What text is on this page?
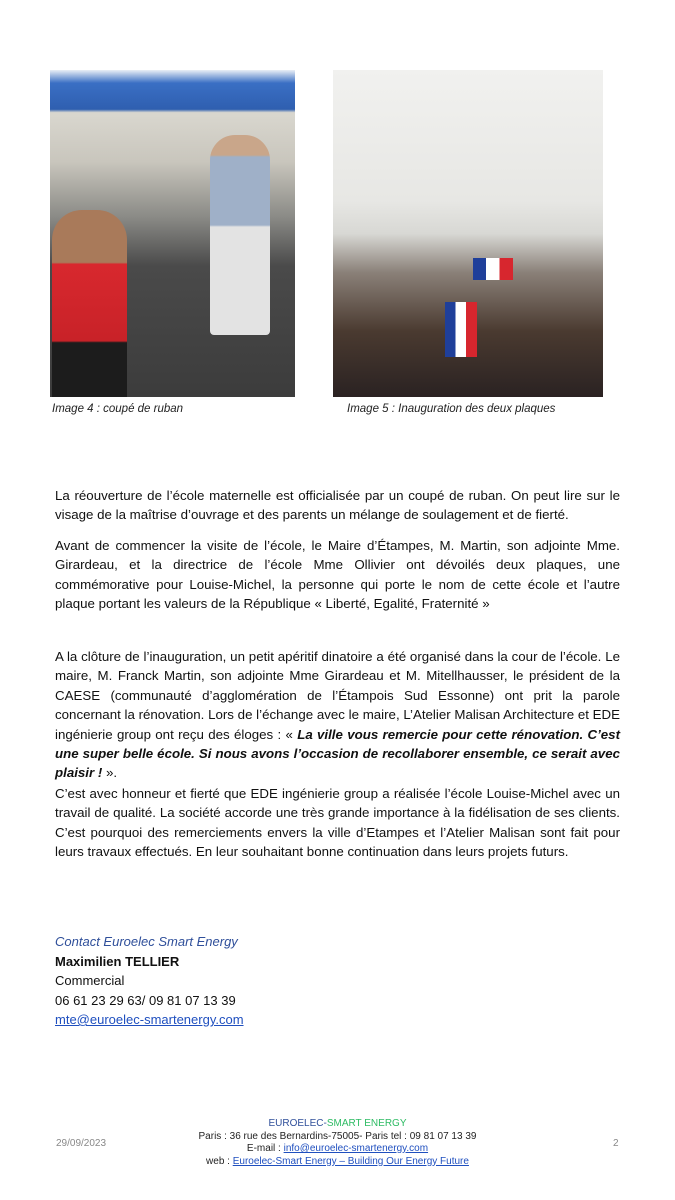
Image 4 : coupé de ruban	Image 5 : Inauguration des deux plaques
La réouverture de l’école maternelle est officialisée par un coupé de ruban. On peut lire sur le visage de la maîtrise d’ouvrage et des parents un mélange de soulagement et de fierté.
Avant de commencer la visite de l’école, le Maire d’Étampes, M. Martin, son adjointe Mme. Girardeau, et la directrice de l’école Mme Ollivier ont dévoilés deux plaques, une commémorative pour Louise-Michel, la personne qui porte le nom de cette école et l’autre plaque portant les valeurs de la République « Liberté, Egalité, Fraternité »
A la clôture de l’inauguration, un petit apéritif dinatoire a été organisé dans la cour de l’école. Le maire, M. Franck Martin, son adjointe Mme Girardeau et M. Mitellhausser, le président de la CAESE (communauté d’agglomération de l’Étampois Sud Essonne) ont prit la parole concernant la rénovation. Lors de l’échange avec le maire, L’Atelier Malisan Architecture et EDE ingénierie group ont reçu des éloges : « La ville vous remercie pour cette rénovation. C’est une super belle école. Si nous avons l’occasion de recollaborer ensemble, ce serait avec plaisir ! ».
C’est avec honneur et fierté que EDE ingénierie group a réalisée l’école Louise-Michel avec un travail de qualité. La société accorde une très grande importance à la fidélisation de ses clients. C’est pourquoi des remerciements envers la ville d’Etampes et l’Atelier Malisan sont fait pour leurs travaux effectués. En leur souhaitant bonne continuation dans leurs projets futurs.
Contact Euroelec Smart Energy
Maximilien TELLIER
Commercial
06 61 23 29 63/ 09 81 07 13 39
mte@euroelec-smartenergy.com
29/09/2023	2
EUROELEC-SMART ENERGY
Paris : 36 rue des Bernardins-75005- Paris tel : 09 81 07 13 39
E-mail : info@euroelec-smartenergy.com
web : Euroelec-Smart Energy – Building Our Energy Future
